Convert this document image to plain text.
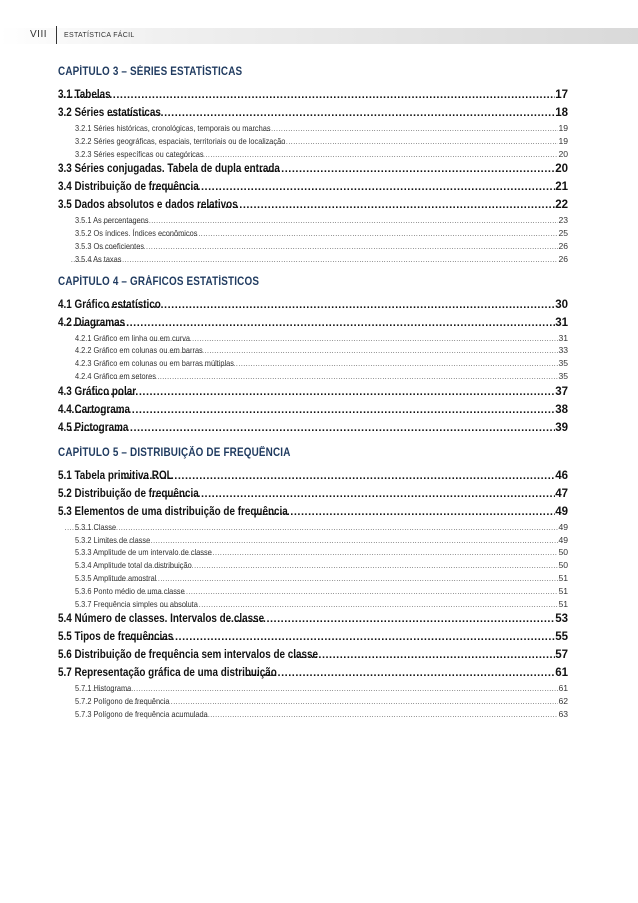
VIII ESTATÍSTICA FÁCIL
CAPÍTULO 3 – SÉRIES ESTATÍSTICAS
3.1 Tabelas .....	17
3.2 Séries estatísticas .....	18
3.2.1 Séries históricas, cronológicas, temporais ou marchas .....	19
3.2.2 Séries geográficas, espaciais, territoriais ou de localização .....	19
3.2.3 Séries específicas ou categóricas .....	20
3.3 Séries conjugadas. Tabela de dupla entrada .....	20
3.4 Distribuição de frequência .....	21
3.5 Dados absolutos e dados relativos .....	22
3.5.1 As percentagens .....	23
3.5.2 Os índices. Índices econômicos .....	25
3.5.3 Os coeficientes .....	26
3.5.4 As taxas .....	26
CAPÍTULO 4 – GRÁFICOS ESTATÍSTICOS
4.1 Gráfico estatístico .....	30
4.2 Diagramas .....	31
4.2.1 Gráfico em linha ou em curva .....	31
4.2.2 Gráfico em colunas ou em barras .....	33
4.2.3 Gráfico em colunas ou em barras múltiplas .....	35
4.2.4 Gráfico em setores .....	35
4.3 Gráfico polar .....	37
4.4 Cartograma .....	38
4.5 Pictograma .....	39
CAPÍTULO 5 – DISTRIBUIÇÃO DE FREQUÊNCIA
5.1 Tabela primitiva ROL .....	46
5.2 Distribuição de frequência .....	47
5.3 Elementos de uma distribuição de frequência .....	49
5.3.1 Classe .....	49
5.3.2 Limites de classe .....	49
5.3.3 Amplitude de um intervalo de classe .....	50
5.3.4 Amplitude total da distribuição .....	50
5.3.5 Amplitude amostral .....	51
5.3.6 Ponto médio de uma classe .....	51
5.3.7 Frequência simples ou absoluta .....	51
5.4 Número de classes. Intervalos de classe .....	53
5.5 Tipos de frequências .....	55
5.6 Distribuição de frequência sem intervalos de classe .....	57
5.7 Representação gráfica de uma distribuição .....	61
5.7.1 Histograma .....	61
5.7.2 Polígono de frequência .....	62
5.7.3 Polígono de frequência acumulada .....	63
